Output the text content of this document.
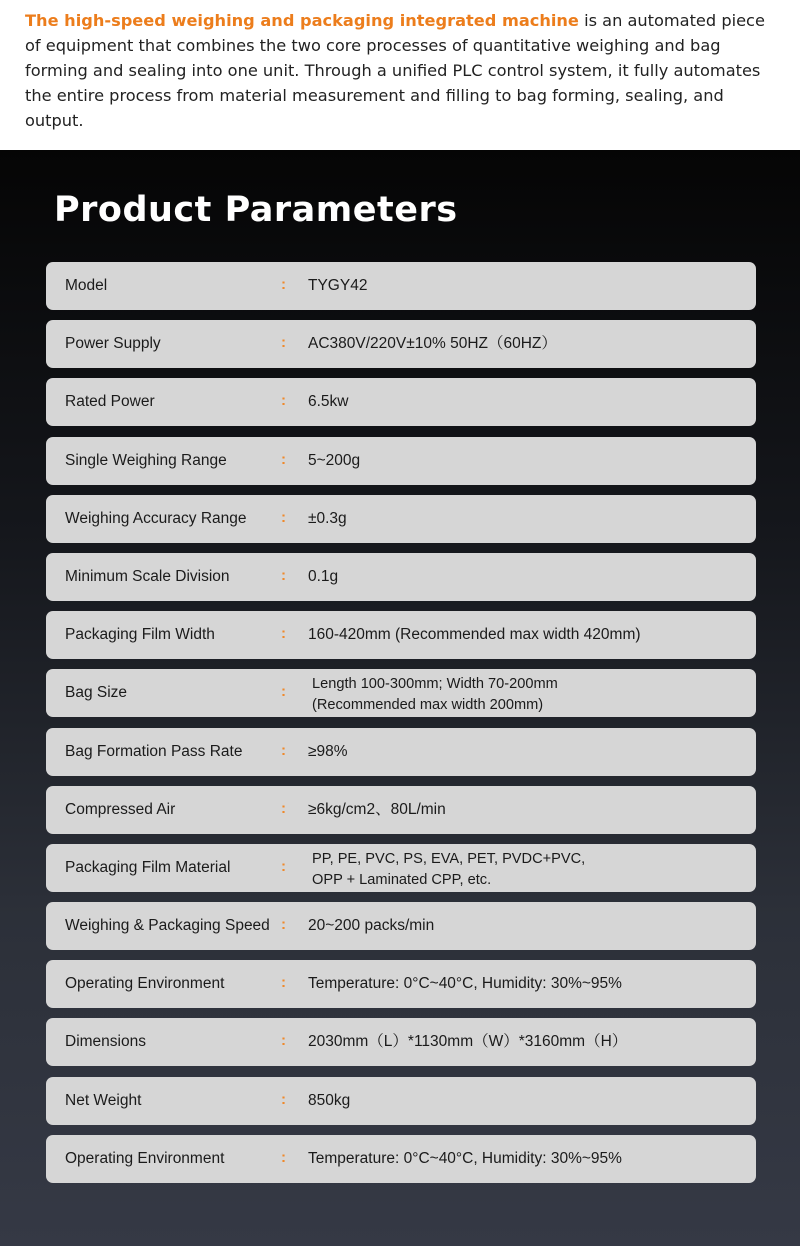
The high-speed weighing and packaging integrated machine is an automated piece of equipment that combines the two core processes of quantitative weighing and bag forming and sealing into one unit. Through a unified PLC control system, it fully automates the entire process from material measurement and filling to bag forming, sealing, and output.
Product Parameters
Model	: TYGY42
Power Supply	: AC380V/220V±10% 50HZ（60HZ）
Rated Power	: 6.5kw
Single Weighing Range	: 5~200g
Weighing Accuracy Range : ±0.3g
Minimum Scale Division	: 0.1g
Packaging Film Width	: 160-420mm (Recommended max width 420mm)
Bag Size	: Length 100-300mm; Width 70-200mm
(Recommended max width 200mm)
Bag Formation Pass Rate	: ≥98%
Compressed Air	: ≥6kg/cm2、80L/min
Packaging Film Material	: PP, PE, PVC, PS, EVA, PET, PVDC+PVC,
OPP + Laminated CPP, etc.
Weighing & Packaging Speed : 20~200 packs/min
Operating Environment	: Temperature: 0°C~40°C, Humidity: 30%~95%
Dimensions	: 2030mm（L）*1130mm（W）*3160mm（H）
Net Weight	: 850kg
Operating Environment	: Temperature: 0°C~40°C, Humidity: 30%~95%
